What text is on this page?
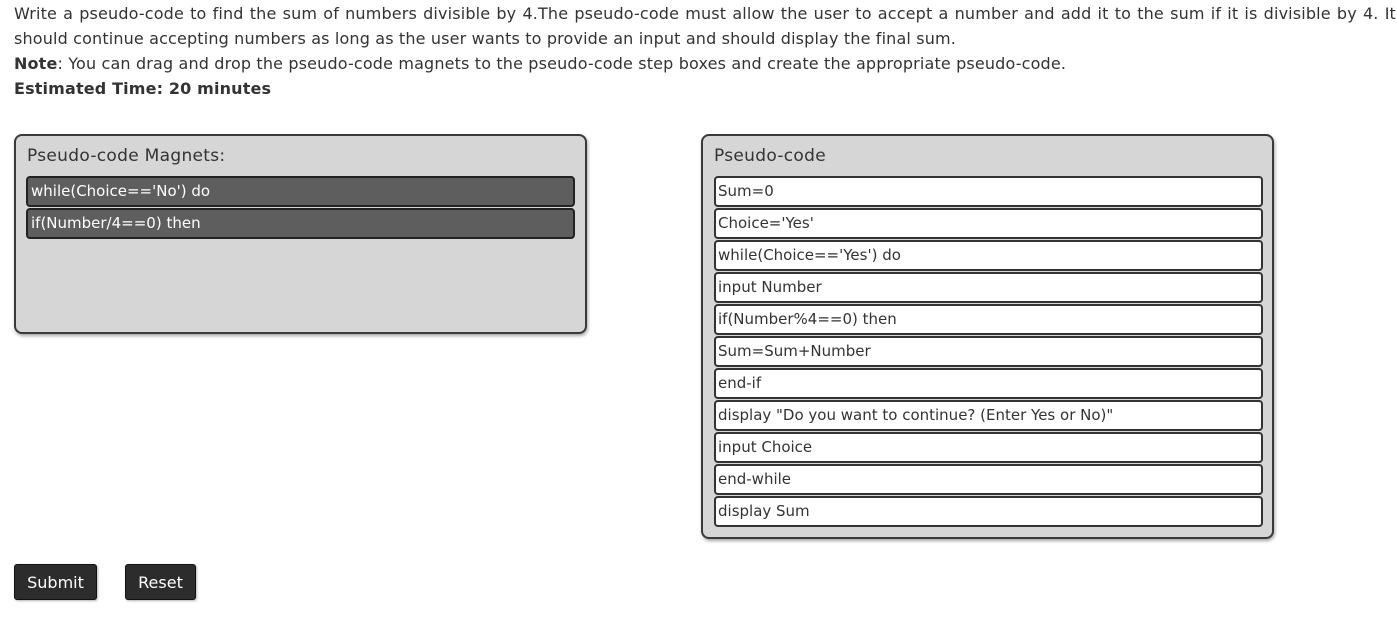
Write a pseudo-code to find the sum of numbers divisible by 4.The pseudo-code must allow the user to accept a number and add it to the sum if it is divisible by 4. It should continue accepting numbers as long as the user wants to provide an input and should display the final sum.

Note: You can drag and drop the pseudo-code magnets to the pseudo-code step boxes and create the appropriate pseudo-code.

Estimated Time: 20 minutes

Pseudo-code Magnets:
while(Choice=='No') do
if(Number/4==0) then
Pseudo-code
Sum=0
Choice='Yes'
while(Choice=='Yes') do
input Number
if(Number%4==0) then
Sum=Sum+Number
end-if
display "Do you want to continue? (Enter Yes or No)"
input Choice
end-while
display Sum
Submit	Reset
